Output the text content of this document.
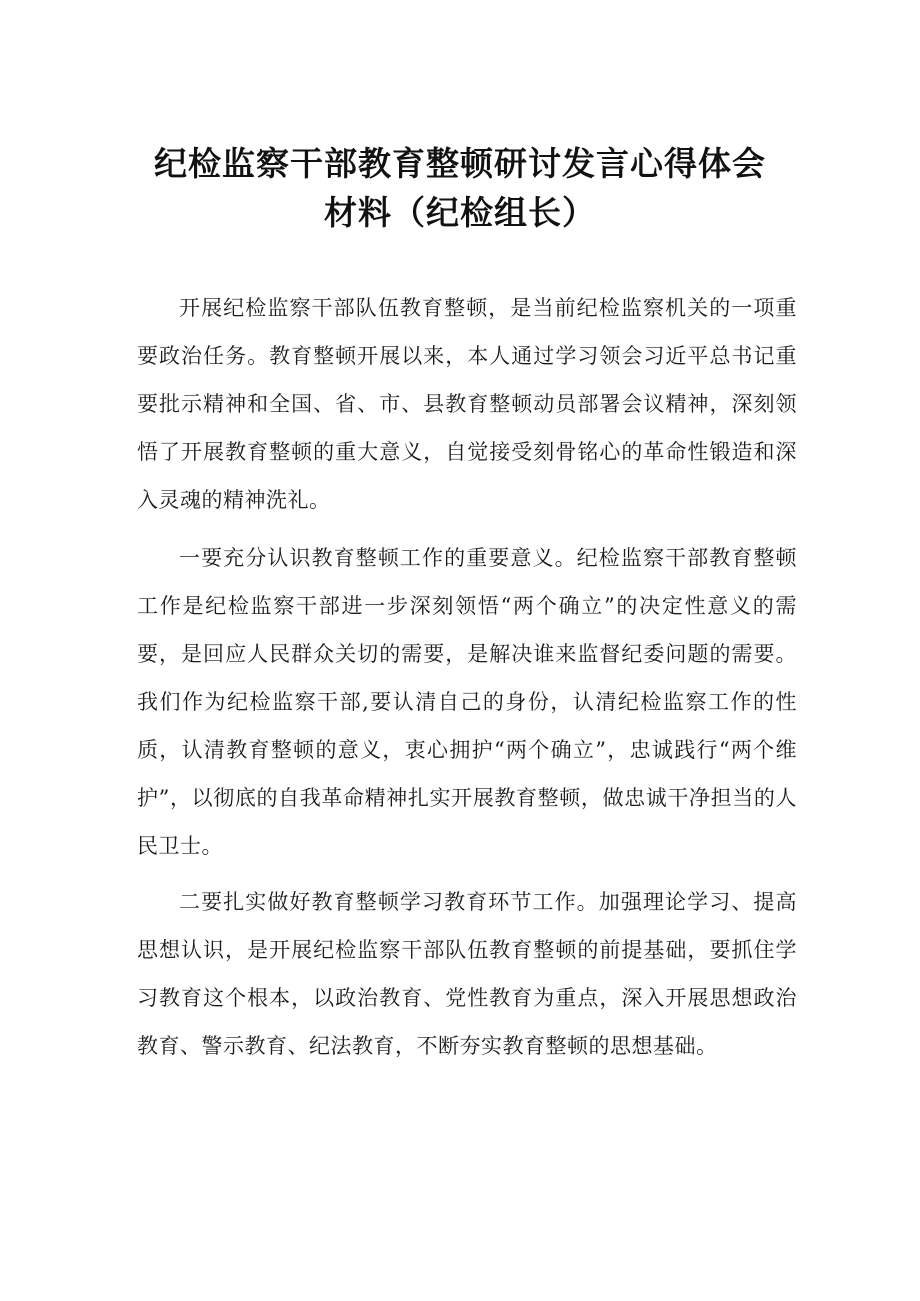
纪检监察干部教育整顿研讨发言心得体会
材料（纪检组长）

开展纪检监察干部队伍教育整顿，是当前纪检监察机关的一项重要政治任务。教育整顿开展以来，本人通过学习领会习近平总书记重要批示精神和全国、省、市、县教育整顿动员部署会议精神，深刻领悟了开展教育整顿的重大意义，自觉接受刻骨铭心的革命性锻造和深入灵魂的精神洗礼。

一要充分认识教育整顿工作的重要意义。纪检监察干部教育整顿工作是纪检监察干部进一步深刻领悟“两个确立”的决定性意义的需要，是回应人民群众关切的需要，是解决谁来监督纪委问题的需要。我们作为纪检监察干部,要认清自己的身份，认清纪检监察工作的性质，认清教育整顿的意义，衷心拥护“两个确立”，忠诚践行“两个维护”，以彻底的自我革命精神扎实开展教育整顿，做忠诚干净担当的人民卫士。

二要扎实做好教育整顿学习教育环节工作。加强理论学习、提高思想认识，是开展纪检监察干部队伍教育整顿的前提基础，要抓住学习教育这个根本，以政治教育、党性教育为重点，深入开展思想政治教育、警示教育、纪法教育，不断夯实教育整顿的思想基础。
